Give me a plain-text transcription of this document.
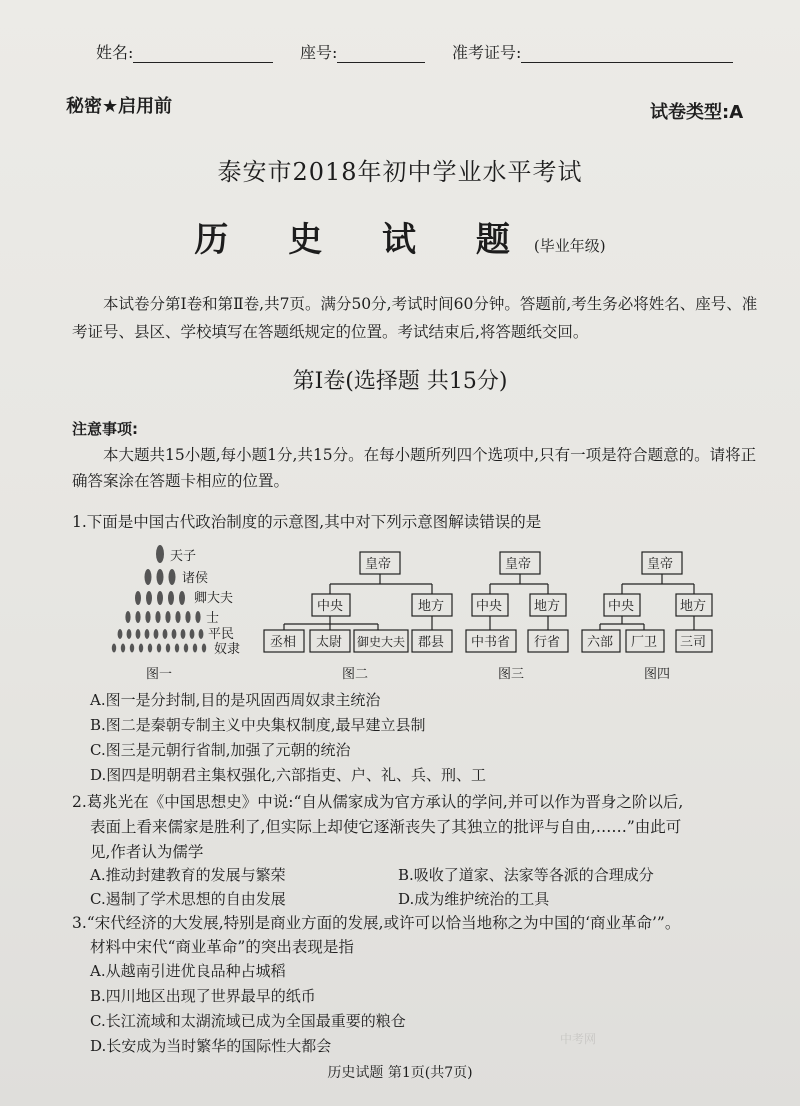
姓名:	座号:	准考证号:
秘密★启用前	试卷类型:A
泰安市2018年初中学业水平考试
历 史 试 题(毕业年级)
本试卷分第Ⅰ卷和第Ⅱ卷,共7页。满分50分,考试时间60分钟。答题前,考生务必将姓名、座号、准考证号、县区、学校填写在答题纸规定的位置。考试结束后,将答题纸交回。
第Ⅰ卷(选择题 共15分)
注意事项:
本大题共15小题,每小题1分,共15分。在每小题所列四个选项中,只有一项是符合题意的。请将正确答案涂在答题卡相应的位置。
1.下面是中国古代政治制度的示意图,其中对下列示意图解读错误的是
天子
诸侯
卿大夫
士
平民
奴隶
图一
皇帝
中央	地方
丞相 太尉 御史大夫 郡县
图二
皇帝
中央 地方
中书省 行省
图三
皇帝
中央	地方
六部 厂卫 三司
图四
A.图一是分封制,目的是巩固西周奴隶主统治
B.图二是秦朝专制主义中央集权制度,最早建立县制
C.图三是元朝行省制,加强了元朝的统治
D.图四是明朝君主集权强化,六部指吏、户、礼、兵、刑、工
2.葛兆光在《中国思想史》中说:“自从儒家成为官方承认的学问,并可以作为晋身之阶以后,
表面上看来儒家是胜利了,但实际上却使它逐渐丧失了其独立的批评与自由,……”由此可
见,作者认为儒学
A.推动封建教育的发展与繁荣	B.吸收了道家、法家等各派的合理成分
C.遏制了学术思想的自由发展	D.成为维护统治的工具
3.“宋代经济的大发展,特别是商业方面的发展,或许可以恰当地称之为中国的‘商业革命’”。
材料中宋代“商业革命”的突出表现是指
A.从越南引进优良品种占城稻
B.四川地区出现了世界最早的纸币
C.长江流域和太湖流域已成为全国最重要的粮仓
D.长安成为当时繁华的国际性大都会	中考网
历史试题 第1页(共7页)
